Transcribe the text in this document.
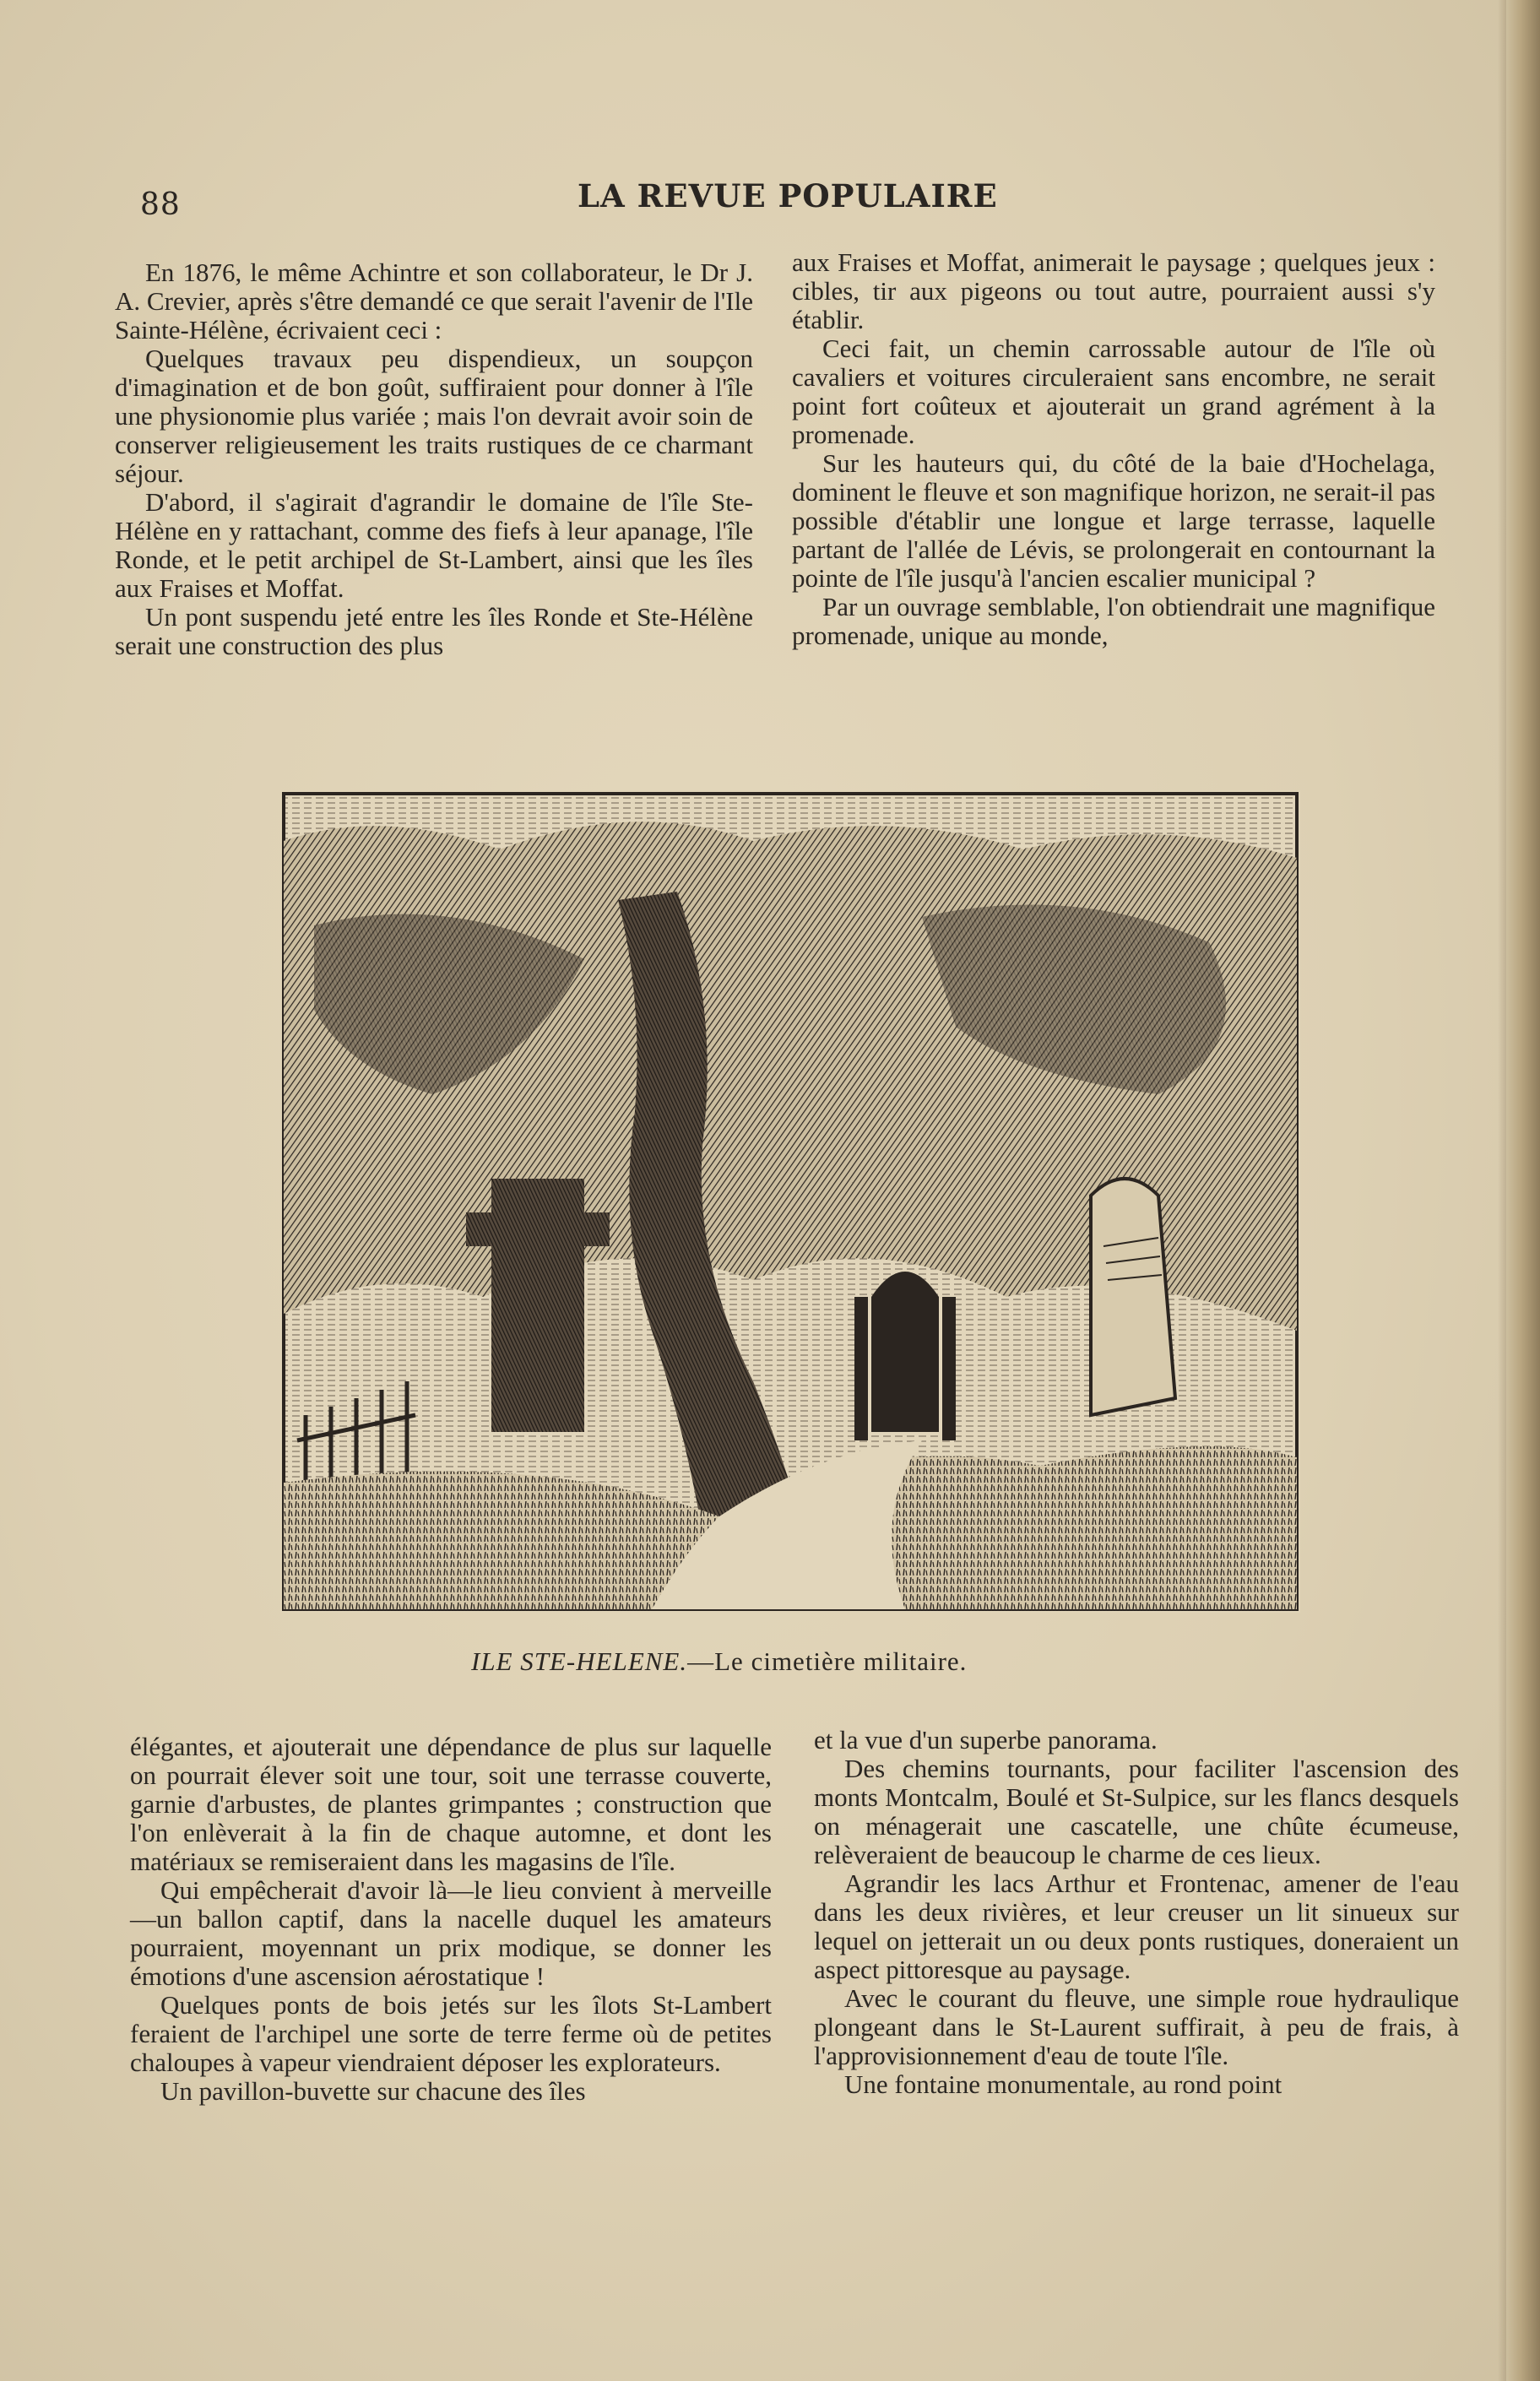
88	LA REVUE POPULAIRE

En 1876, le même Achintre et son collaborateur, le Dr J. A. Crevier, après s'être demandé ce que serait l'avenir de l'Ile Sainte-Hélène, écrivaient ceci :

Quelques travaux peu dispendieux, un soupçon d'imagination et de bon goût, suffiraient pour donner à l'île une physionomie plus variée ; mais l'on devrait avoir soin de conserver religieusement les traits rustiques de ce charmant séjour.

D'abord, il s'agirait d'agrandir le domaine de l'île Ste-Hélène en y rattachant, comme des fiefs à leur apanage, l'île Ronde, et le petit archipel de St-Lambert, ainsi que les îles aux Fraises et Moffat.

Un pont suspendu jeté entre les îles Ronde et Ste-Hélène serait une construction des plus

aux Fraises et Moffat, animerait le paysage ; quelques jeux : cibles, tir aux pigeons ou tout autre, pourraient aussi s'y établir.

Ceci fait, un chemin carrossable autour de l'île où cavaliers et voitures circuleraient sans encombre, ne serait point fort coûteux et ajouterait un grand agrément à la promenade.

Sur les hauteurs qui, du côté de la baie d'Hochelaga, dominent le fleuve et son magnifique horizon, ne serait-il pas possible d'établir une longue et large terrasse, laquelle partant de l'allée de Lévis, se prolongerait en contournant la pointe de l'île jusqu'à l'ancien escalier municipal ?

Par un ouvrage semblable, l'on obtiendrait une magnifique promenade, unique au monde,

ILE STE-HELENE.—Le cimetière militaire.

élégantes, et ajouterait une dépendance de plus sur laquelle on pourrait élever soit une tour, soit une terrasse couverte, garnie d'arbustes, de plantes grimpantes ; construction que l'on enlèverait à la fin de chaque automne, et dont les matériaux se remiseraient dans les magasins de l'île.

Qui empêcherait d'avoir là—le lieu convient à merveille—un ballon captif, dans la nacelle duquel les amateurs pourraient, moyennant un prix modique, se donner les émotions d'une ascension aérostatique !

Quelques ponts de bois jetés sur les îlots St-Lambert feraient de l'archipel une sorte de terre ferme où de petites chaloupes à vapeur viendraient déposer les explorateurs.

Un pavillon-buvette sur chacune des îles

et la vue d'un superbe panorama.

Des chemins tournants, pour faciliter l'ascension des monts Montcalm, Boulé et St-Sulpice, sur les flancs desquels on ménagerait une cascatelle, une chûte écumeuse, relèveraient de beaucoup le charme de ces lieux.

Agrandir les lacs Arthur et Frontenac, amener de l'eau dans les deux rivières, et leur creuser un lit sinueux sur lequel on jetterait un ou deux ponts rustiques, doneraient un aspect pittoresque au paysage.

Avec le courant du fleuve, une simple roue hydraulique plongeant dans le St-Laurent suffirait, à peu de frais, à l'approvisionnement d'eau de toute l'île.

Une fontaine monumentale, au rond point
